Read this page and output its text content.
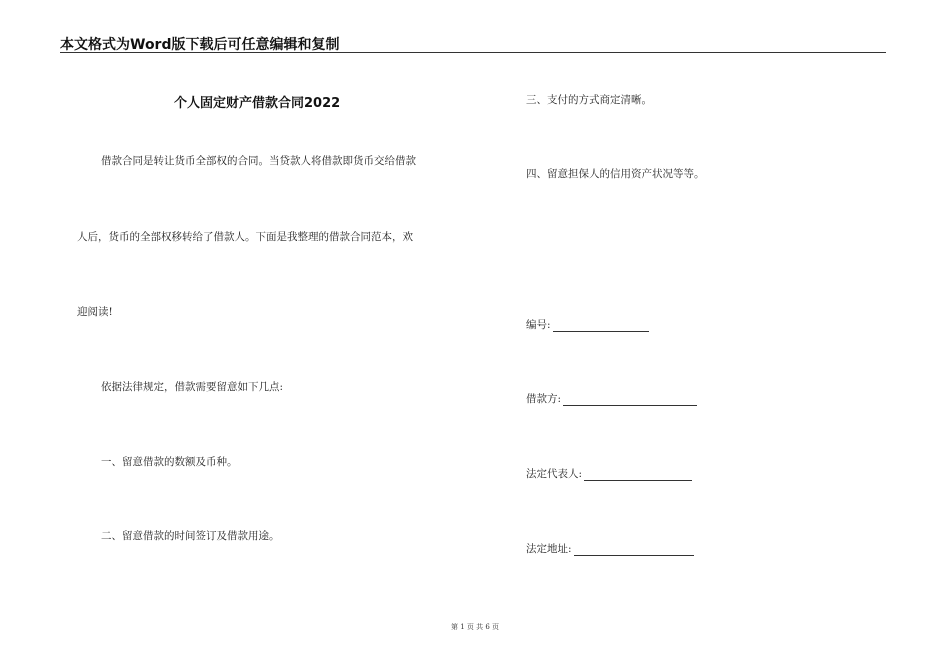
本文格式为Word版下载后可任意编辑和复制
个人固定财产借款合同2022
借款合同是转让货币全部权的合同。当贷款人将借款即货币交给借款
人后，货币的全部权移转给了借款人。下面是我整理的借款合同范本，欢
迎阅读!
依据法律规定，借款需要留意如下几点:
一、留意借款的数额及币种。
二、留意借款的时间签订及借款用途。
三、支付的方式商定清晰。
四、留意担保人的信用资产状况等等。
编号:
借款方:
法定代表人:
法定地址:
第 1 页 共 6 页
